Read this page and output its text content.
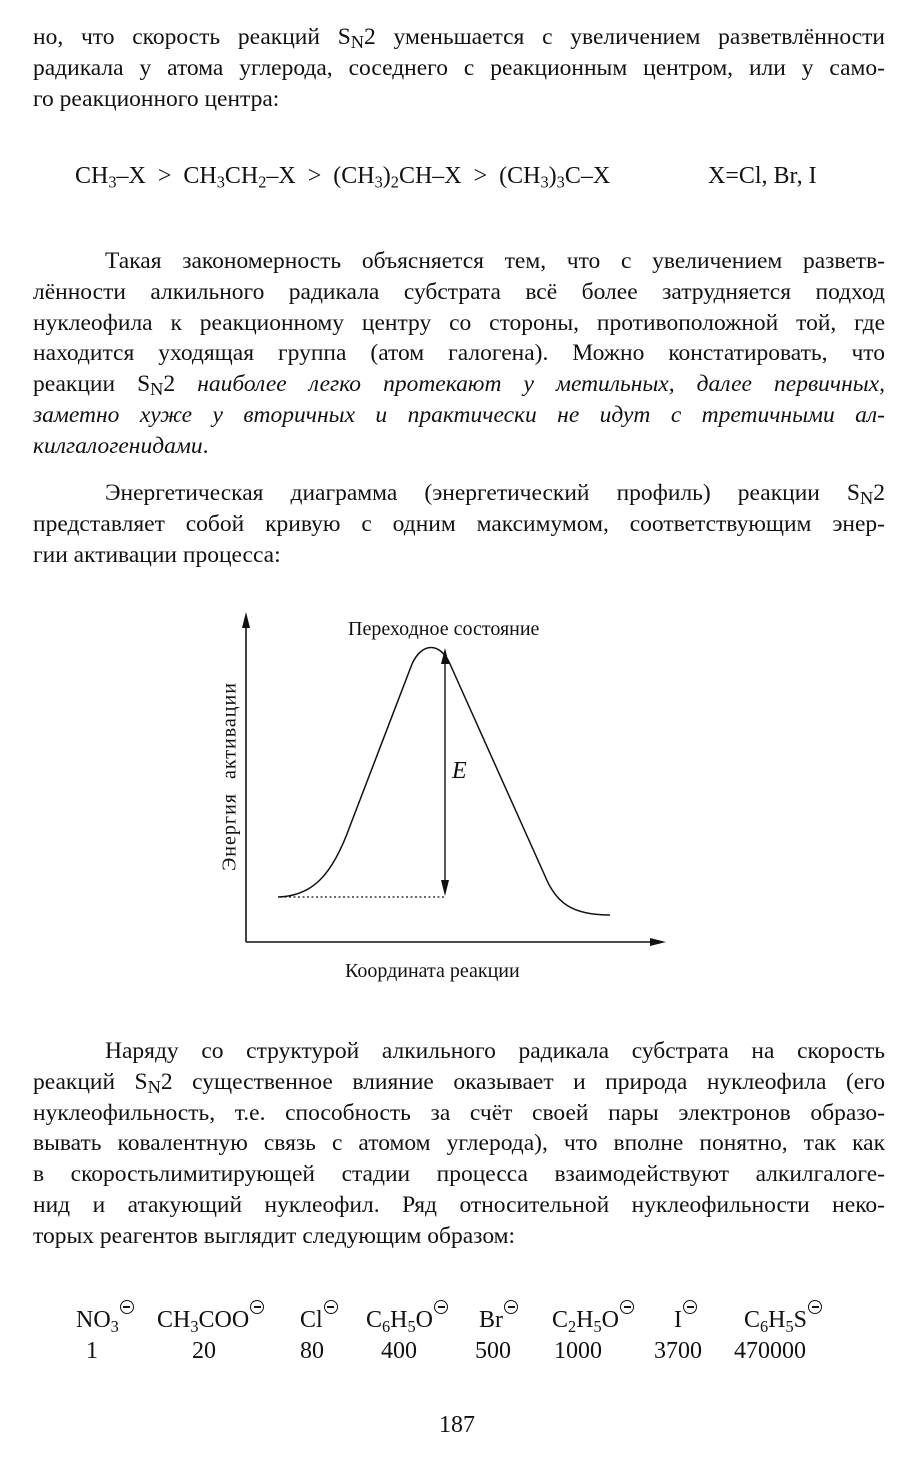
но, что скорость реакций $S_N2$ уменьшается с увеличением разветвлённости
радикала у атома углерода, соседнего с реакционным центром, или у само-
го реакционного центра:
$CH_3-X > CH_3CH_2-X > (CH_3)_2CH-X > (CH_3)_3C-X$	X=Cl, Br, I
Такая закономерность объясняется тем, что с увеличением разветв-
лённости алкильного радикала субстрата всё более затрудняется подход
нуклеофила к реакционному центру со стороны, противоположной той, где
находится уходящая группа (атом галогена). Можно констатировать, что
реакции $S_N2$ наиболее легко протекают у метильных, далее первичных,
заметно хуже у вторичных и практически не идут с третичными ал-
килгалогенидами.
Энергетическая диаграмма (энергетический профиль) реакции $S_N2$
представляет собой кривую с одним максимумом, соответствующим энер-
гии активации процесса:
Переходное состояние
E
Энергия активации
Координата реакции
Наряду со структурой алкильного радикала субстрата на скорость
реакций $S_N2$ существенное влияние оказывает и природа нуклеофила (его
нуклеофильность, т.е. способность за счёт своей пары электронов образо-
вывать ковалентную связь с атомом углерода), что вполне понятно, так как
в скоростьлимитирующей стадии процесса взаимодействуют алкилгалоге-
нид и атакующий нуклеофил. Ряд относительной нуклеофильности неко-
торых реагентов выглядит следующим образом:
$NO_3$	$CH_3COO$	Cl	$C_6H_5O$	Br	$C_2H_5O$	I	$C_6H_5S$
1	20	80 400 500 1000 3700 470000
187
